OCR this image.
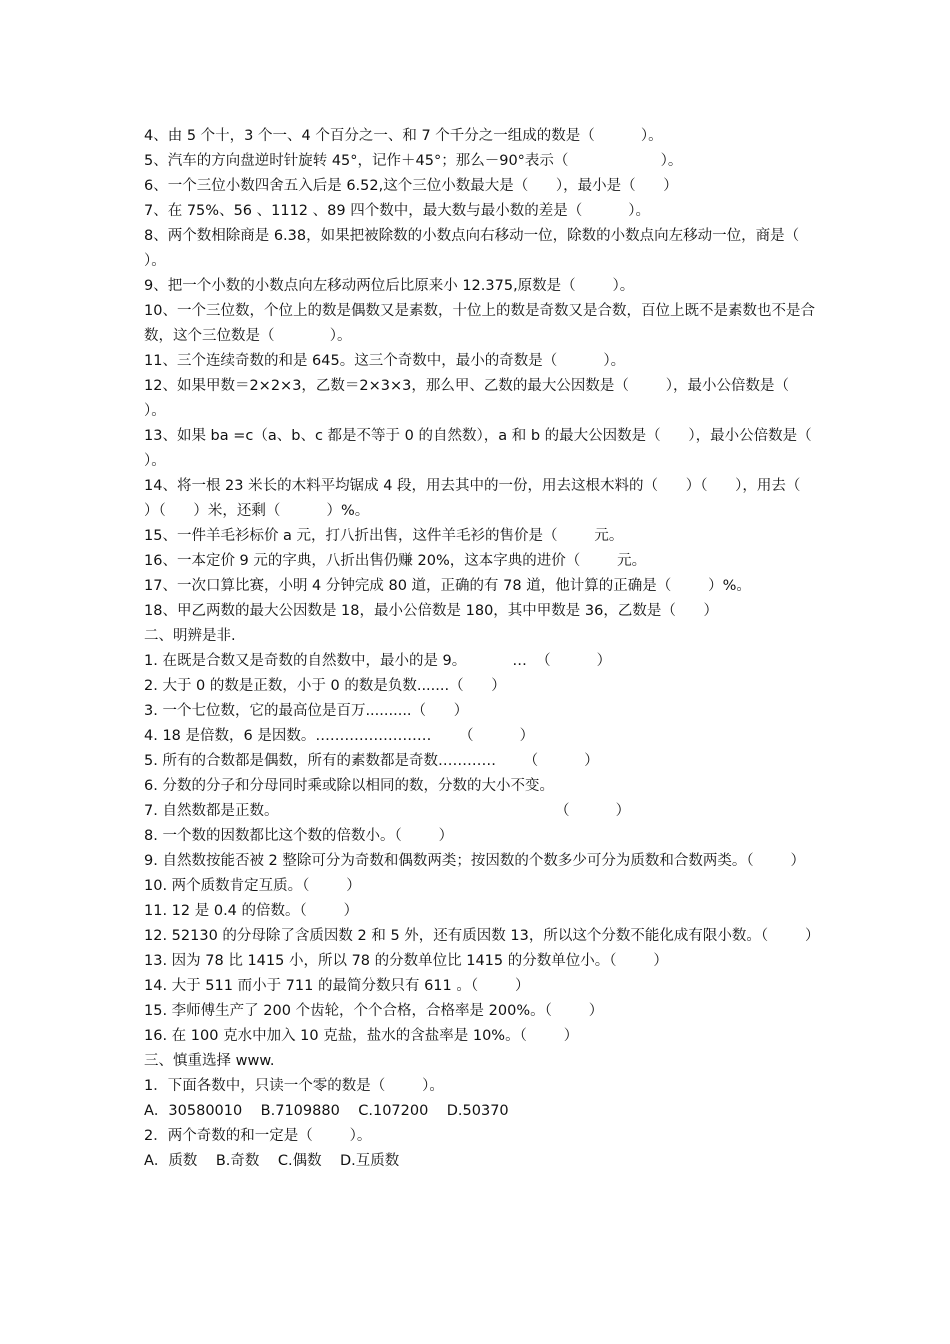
4、由 5 个十，3 个一、4 个百分之一、和 7 个千分之一组成的数是（          ）。

5、汽车的方向盘逆时针旋转 45°，记作＋45°；那么－90°表示（                    ）。

6、一个三位小数四舍五入后是 6.52,这个三位小数最大是（      ），最小是（      ）

7、在 75%、56 、1112 、89 四个数中，最大数与最小数的差是（          ）。

8、两个数相除商是 6.38，如果把被除数的小数点向右移动一位，除数的小数点向左移动一位，商是（            ）。

9、把一个小数的小数点向左移动两位后比原来小 12.375,原数是（        ）。

10、一个三位数，个位上的数是偶数又是素数，十位上的数是奇数又是合数，百位上既不是素数也不是合数，这个三位数是（            ）。

11、三个连续奇数的和是 645。这三个奇数中，最小的奇数是（          ）。

12、如果甲数＝2×2×3，乙数＝2×3×3，那么甲、乙数的最大公因数是（        ），最小公倍数是（        ）。

13、如果 ba =c（a、b、c 都是不等于 0 的自然数），a 和 b 的最大公因数是（      ），最小公倍数是（      ）。

14、将一根 23 米长的木料平均锯成 4 段，用去其中的一份，用去这根木料的（      ）（      ），用去（      ）（      ）米，还剩（          ）%。

15、一件羊毛衫标价 a 元，打八折出售，这件羊毛衫的售价是（        元。

16、一本定价 9 元的字典，八折出售仍赚 20%，这本字典的进价（        元。

17、一次口算比赛，小明 4 分钟完成 80 道，正确的有 78 道，他计算的正确是（        ）%。

18、甲乙两数的最大公因数是 18，最小公倍数是 180，其中甲数是 36，乙数是（      ）

二、明辨是非.

1. 在既是合数又是奇数的自然数中，最小的是 9。          …  （          ）

2. 大于 0 的数是正数，小于 0 的数是负数.......（      ）

3. 一个七位数，它的最高位是百万..........（      ）

4. 18 是倍数，6 是因数。……………………      （          ）

5. 所有的合数都是偶数，所有的素数都是奇数…………      （          ）

6. 分数的分子和分母同时乘或除以相同的数，分数的大小不变。

7. 自然数都是正数。                                                            （          ）

8. 一个数的因数都比这个数的倍数小。（        ）

9. 自然数按能否被 2 整除可分为奇数和偶数两类；按因数的个数多少可分为质数和合数两类。（        ）

10. 两个质数肯定互质。（        ）

11. 12 是 0.4 的倍数。（        ）

12. 52130 的分母除了含质因数 2 和 5 外，还有质因数 13，所以这个分数不能化成有限小数。（        ）

13. 因为 78 比 1415 小，所以 78 的分数单位比 1415 的分数单位小。（        ）

14. 大于 511 而小于 711 的最简分数只有 611 。（        ）

15. 李师傅生产了 200 个齿轮，个个合格，合格率是 200%。（        ）

16. 在 100 克水中加入 10 克盐，盐水的含盐率是 10%。（        ）

三、慎重选择 www.

1．下面各数中，只读一个零的数是（        ）。

A．30580010    B.7109880    C.107200    D.50370

2．两个奇数的和一定是（        ）。

A．质数    B.奇数    C.偶数    D.互质数
